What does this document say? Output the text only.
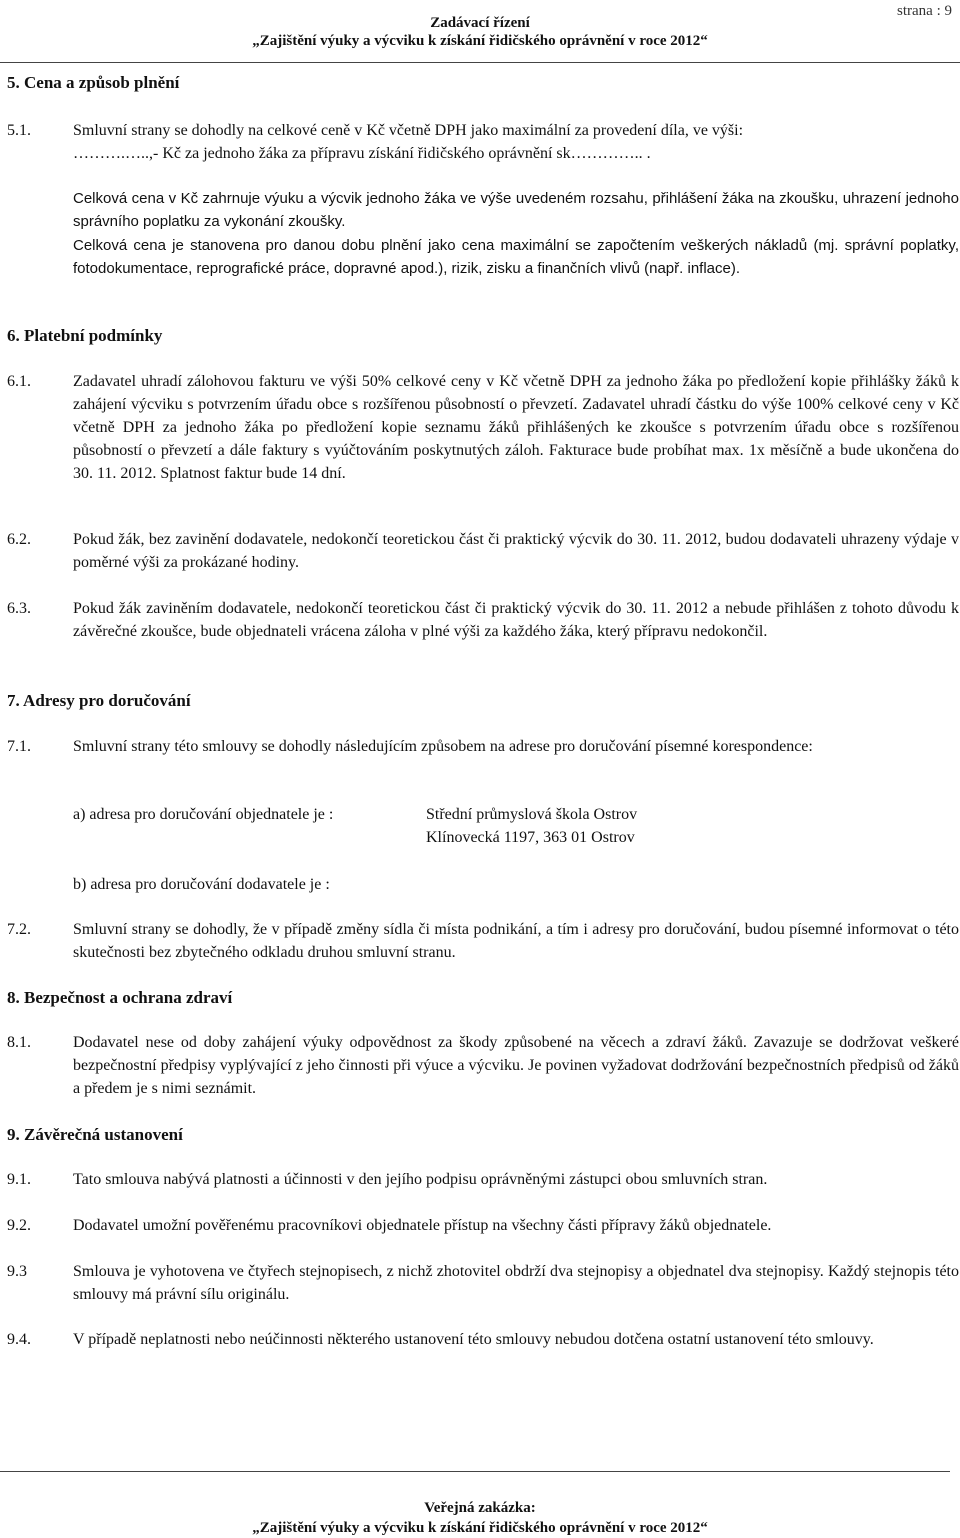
strana : 9
Zadávací řízení
„Zajištění výuky a výcviku k získání řidičského oprávnění v roce 2012“
5. Cena a způsob plnění
5.1.	Smluvní strany se dohodly na celkové ceně v Kč včetně DPH jako maximální za provedení díla, ve výši:
……….…..,- Kč za jednoho žáka za přípravu získání řidičského oprávnění sk………….. .
Celková cena v Kč zahrnuje výuku a výcvik jednoho žáka ve výše uvedeném rozsahu, přihlášení žáka na zkoušku, uhrazení jednoho správního poplatku za vykonání zkoušky.
Celková cena je stanovena pro danou dobu plnění jako cena maximální se započtením veškerých nákladů (mj. správní poplatky, fotodokumentace, reprografické práce, dopravné apod.), rizik, zisku a finančních vlivů (např. inflace).
6. Platební podmínky
6.1.	Zadavatel uhradí zálohovou fakturu ve výši 50% celkové ceny v Kč včetně DPH za jednoho žáka po předložení kopie přihlášky žáků k zahájení výcviku s potvrzením úřadu obce s rozšířenou působností o převzetí. Zadavatel uhradí částku do výše 100% celkové ceny v Kč včetně DPH za jednoho žáka po předložení kopie seznamu žáků přihlášených ke zkoušce s potvrzením úřadu obce s rozšířenou působností o převzetí a dále faktury s vyúčtováním poskytnutých záloh. Fakturace bude probíhat max. 1x měsíčně a bude ukončena do 30. 11. 2012. Splatnost faktur bude 14 dní.
6.2.	Pokud žák, bez zavinění dodavatele, nedokončí teoretickou část či praktický výcvik do 30. 11. 2012, budou dodavateli uhrazeny výdaje v poměrné výši za prokázané hodiny.
6.3.	Pokud žák zaviněním dodavatele, nedokončí teoretickou část či praktický výcvik do 30. 11. 2012 a nebude přihlášen z tohoto důvodu k závěrečné zkoušce, bude objednateli vrácena záloha v plné výši za každého žáka, který přípravu nedokončil.
7. Adresy pro doručování
7.1.	Smluvní strany této smlouvy se dohodly následujícím způsobem na adrese pro doručování písemné korespondence:
a) adresa pro doručování objednatele je :	Střední průmyslová škola Ostrov
Klínovecká 1197, 363 01 Ostrov
b) adresa pro doručování dodavatele je :
7.2.	Smluvní strany se dohodly, že v případě změny sídla či místa podnikání, a tím i adresy pro doručování, budou písemné informovat o této skutečnosti bez zbytečného odkladu druhou smluvní stranu.
8. Bezpečnost a ochrana zdraví
8.1.	Dodavatel nese od doby zahájení výuky odpovědnost za škody způsobené na věcech a zdraví žáků. Zavazuje se dodržovat veškeré bezpečnostní předpisy vyplývající z jeho činnosti při výuce a výcviku. Je povinen vyžadovat dodržování bezpečnostních předpisů od žáků a předem je s nimi seznámit.
9. Závěrečná ustanovení
9.1.	Tato smlouva nabývá platnosti a účinnosti v den jejího podpisu oprávněnými zástupci obou smluvních stran.
9.2.	Dodavatel umožní pověřenému pracovníkovi objednatele přístup na všechny části přípravy žáků objednatele.
9.3	Smlouva je vyhotovena ve čtyřech stejnopisech, z nichž zhotovitel obdrží dva stejnopisy a objednatel dva stejnopisy. Každý stejnopis této smlouvy má právní sílu originálu.
9.4.	V případě neplatnosti nebo neúčinnosti některého ustanovení této smlouvy nebudou dotčena ostatní ustanovení této smlouvy.
Veřejná zakázka:
„Zajištění výuky a výcviku k získání řidičského oprávnění v roce 2012“
